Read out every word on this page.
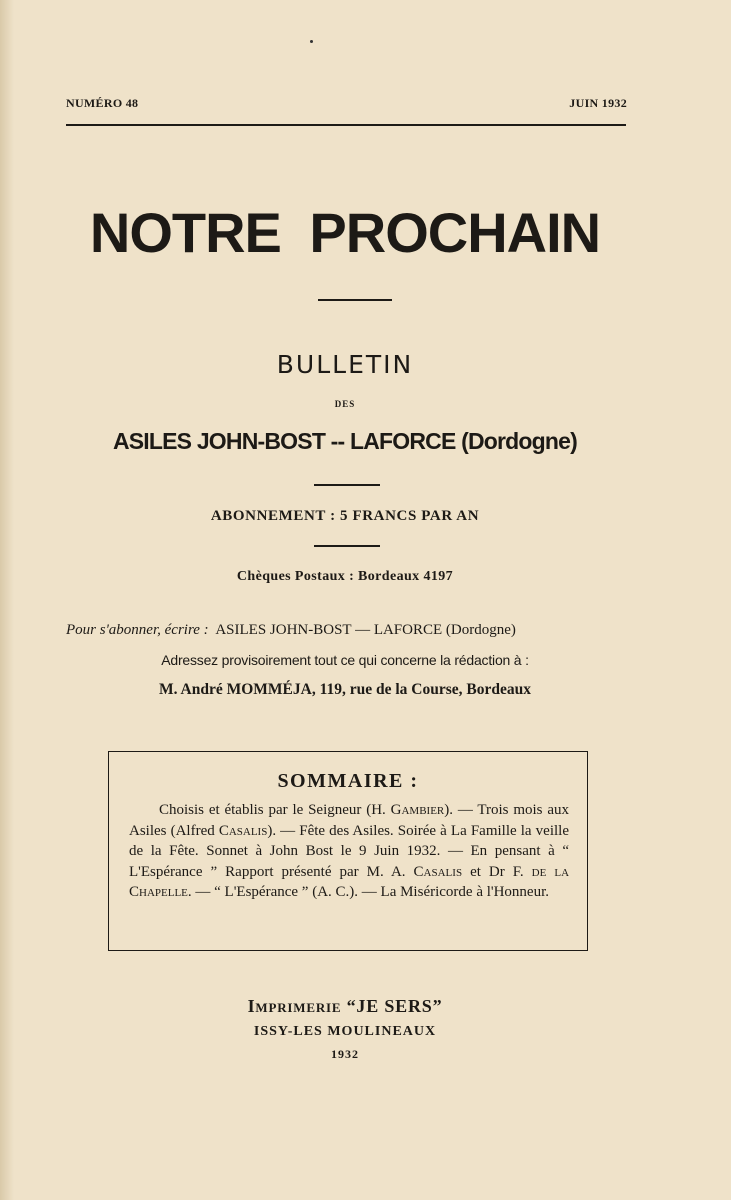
NUMÉRO 48	JUIN 1932
NOTRE PROCHAIN
BULLETIN
DES
ASILES JOHN-BOST -- LAFORCE (Dordogne)
ABONNEMENT : 5 FRANCS PAR AN
Chèques Postaux : Bordeaux 4197
Pour s'abonner, écrire : ASILES JOHN-BOST — LAFORCE (Dordogne)
Adressez provisoirement tout ce qui concerne la rédaction à :
M. André MOMMÉJA, 119, rue de la Course, Bordeaux
SOMMAIRE :
Choisis et établis par le Seigneur (H. Gambier). — Trois mois aux Asiles (Alfred Casalis). — Fête des Asiles. Soirée à La Famille la veille de la Fête. Sonnet à John Bost le 9 Juin 1932. — En pensant à “ L'Espérance ” Rapport présenté par M. A. Casalis et Dr F. de la Chapelle. — “ L'Espérance ” (A. C.). — La Miséricorde à l'Honneur.
Imprimerie “JE SERS”
ISSY-LES MOULINEAUX
1932
